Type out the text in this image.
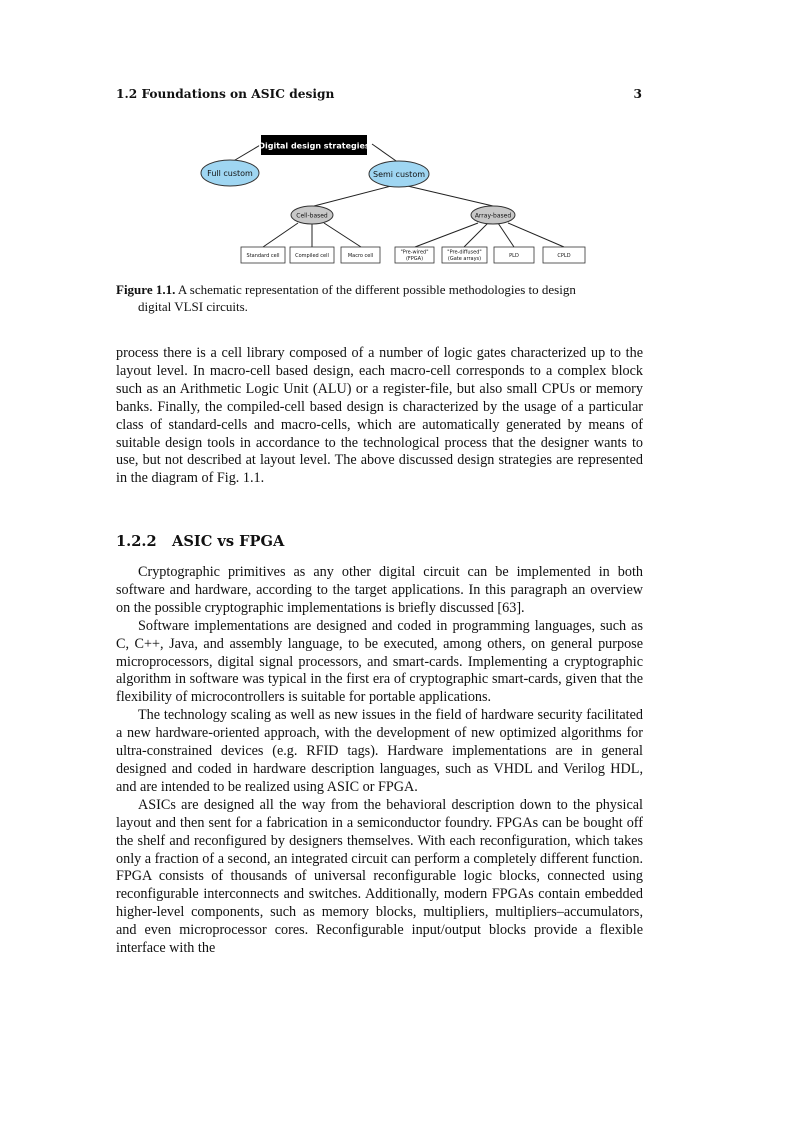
1.2 Foundations on ASIC design	3
Digital design strategies
Full custom	Semi custom
Cell-based	Array-based
Standard cell	Compiled cell	Macro cell
"Pre-wired"
(FPGA)
"Pre-diffused"
(Gate arrays)	PLD	CPLD
Figure 1.1. A schematic representation of the different possible methodologies to design
digital VLSI circuits.

process there is a cell library composed of a number of logic gates characterized up to the layout level. In macro-cell based design, each macro-cell corresponds to a complex block such as an Arithmetic Logic Unit (ALU) or a register-file, but also small CPUs or memory banks. Finally, the compiled-cell based design is characterized by the usage of a particular class of standard-cells and macro-cells, which are automatically generated by means of suitable design tools in accordance to the technological process that the designer wants to use, but not described at layout level. The above discussed design strategies are represented in the diagram of Fig. 1.1.

1.2.2 ASIC vs FPGA

Cryptographic primitives as any other digital circuit can be implemented in both software and hardware, according to the target applications. In this paragraph an overview on the possible cryptographic implementations is briefly discussed [63].

Software implementations are designed and coded in programming languages, such as C, C++, Java, and assembly language, to be executed, among others, on general purpose microprocessors, digital signal processors, and smart-cards. Implementing a cryptographic algorithm in software was typical in the first era of cryptographic smart-cards, given that the flexibility of microcontrollers is suitable for portable applications.

The technology scaling as well as new issues in the field of hardware security facilitated a new hardware-oriented approach, with the development of new optimized algorithms for ultra-constrained devices (e.g. RFID tags). Hardware implementations are in general designed and coded in hardware description languages, such as VHDL and Verilog HDL, and are intended to be realized using ASIC or FPGA.

ASICs are designed all the way from the behavioral description down to the physical layout and then sent for a fabrication in a semiconductor foundry. FPGAs can be bought off the shelf and reconfigured by designers themselves. With each reconfiguration, which takes only a fraction of a second, an integrated circuit can perform a completely different function. FPGA consists of thousands of universal reconfigurable logic blocks, connected using reconfigurable interconnects and switches. Additionally, modern FPGAs contain embedded higher-level components, such as memory blocks, multipliers, multipliers–accumulators, and even microprocessor cores. Reconfigurable input/output blocks provide a flexible interface with the
